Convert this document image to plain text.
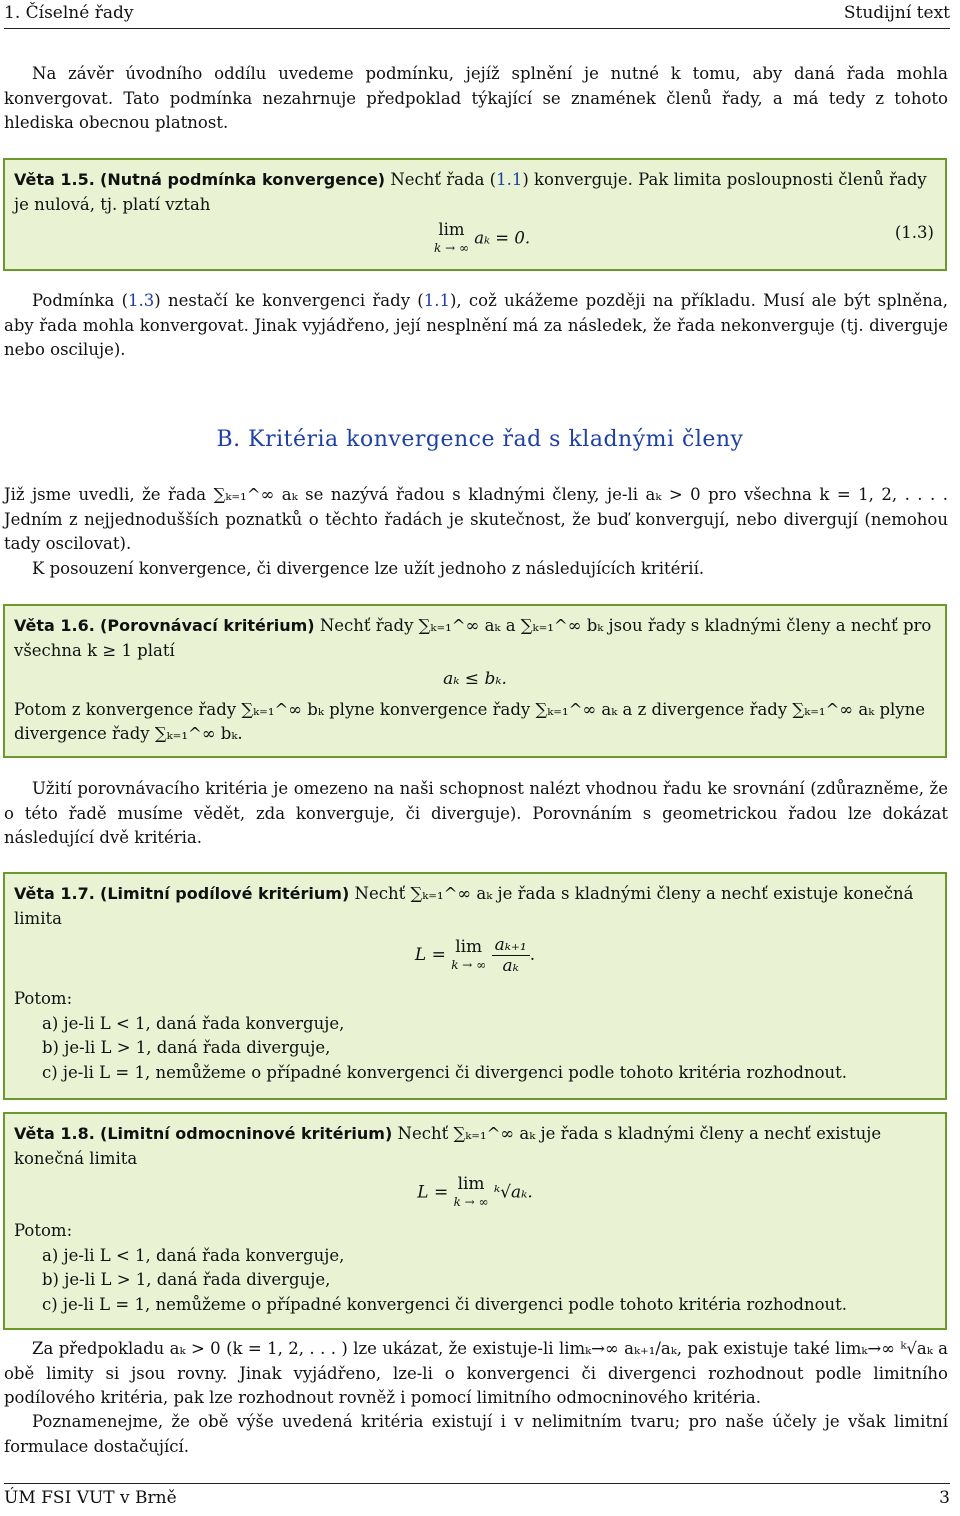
1. Číselné řady	Studijní text
Na závěr úvodního oddílu uvedeme podmínku, jejíž splnění je nutné k tomu, aby daná řada mohla konvergovat. Tato podmínka nezahrnuje předpoklad týkající se znamének členů řady, a má tedy z tohoto hlediska obecnou platnost.
Věta 1.5. (Nutná podmínka konvergence) Nechť řada (1.1) konverguje. Pak limita posloupnosti členů řady je nulová, tj. platí vztah
lim
k → ∞
aₖ = 0.	(1.3)
Podmínka (1.3) nestačí ke konvergenci řady (1.1), což ukážeme později na příkladu. Musí ale být splněna, aby řada mohla konvergovat. Jinak vyjádřeno, její nesplnění má za následek, že řada nekonverguje (tj. diverguje nebo osciluje).
B. Kritéria konvergence řad s kladnými členy
Již jsme uvedli, že řada ∑ₖ₌₁^∞ aₖ se nazývá řadou s kladnými členy, je-li aₖ > 0 pro všechna k = 1, 2, . . . . Jedním z nejjednodušších poznatků o těchto řadách je skutečnost, že buď konvergují, nebo divergují (nemohou tady oscilovat).
K posouzení konvergence, či divergence lze užít jednoho z následujících kritérií.
Věta 1.6. (Porovnávací kritérium) Nechť řady ∑ₖ₌₁^∞ aₖ a ∑ₖ₌₁^∞ bₖ jsou řady s kladnými členy a nechť pro všechna k ≥ 1 platí
aₖ ≤ bₖ.
Potom z konvergence řady ∑ₖ₌₁^∞ bₖ plyne konvergence řady ∑ₖ₌₁^∞ aₖ a z divergence řady ∑ₖ₌₁^∞ aₖ plyne divergence řady ∑ₖ₌₁^∞ bₖ.
Užití porovnávacího kritéria je omezeno na naši schopnost nalézt vhodnou řadu ke srovnání (zdůrazněme, že o této řadě musíme vědět, zda konverguje, či diverguje). Porovnáním s geometrickou řadou lze dokázat následující dvě kritéria.
Věta 1.7. (Limitní podílové kritérium) Nechť ∑ₖ₌₁^∞ aₖ je řada s kladnými členy a nechť existuje konečná limita
L = lim
k → ∞
$\frac{\text{aₖ₊₁}}{\text{aₖ}}$ .
Potom:
a) je-li L < 1, daná řada konverguje,
b) je-li L > 1, daná řada diverguje,
c) je-li L = 1, nemůžeme o případné konvergenci či divergenci podle tohoto kritéria rozhodnout.
Věta 1.8. (Limitní odmocninové kritérium) Nechť ∑ₖ₌₁^∞ aₖ je řada s kladnými členy a nechť existuje konečná limita
L = lim
k → ∞ ᵏ√aₖ.
Potom:
a) je-li L < 1, daná řada konverguje,
b) je-li L > 1, daná řada diverguje,
c) je-li L = 1, nemůžeme o případné konvergenci či divergenci podle tohoto kritéria rozhodnout.
Za předpokladu aₖ > 0 (k = 1, 2, . . . ) lze ukázat, že existuje-li limₖ→∞ aₖ₊₁/aₖ, pak existuje také limₖ→∞ ᵏ√aₖ a obě limity si jsou rovny. Jinak vyjádřeno, lze-li o konvergenci či divergenci rozhodnout podle limitního podílového kritéria, pak lze rozhodnout rovněž i pomocí limitního odmocninového kritéria.
Poznamenejme, že obě výše uvedená kritéria existují i v nelimitním tvaru; pro naše účely je však limitní formulace dostačující.
ÚM FSI VUT v Brně	3
